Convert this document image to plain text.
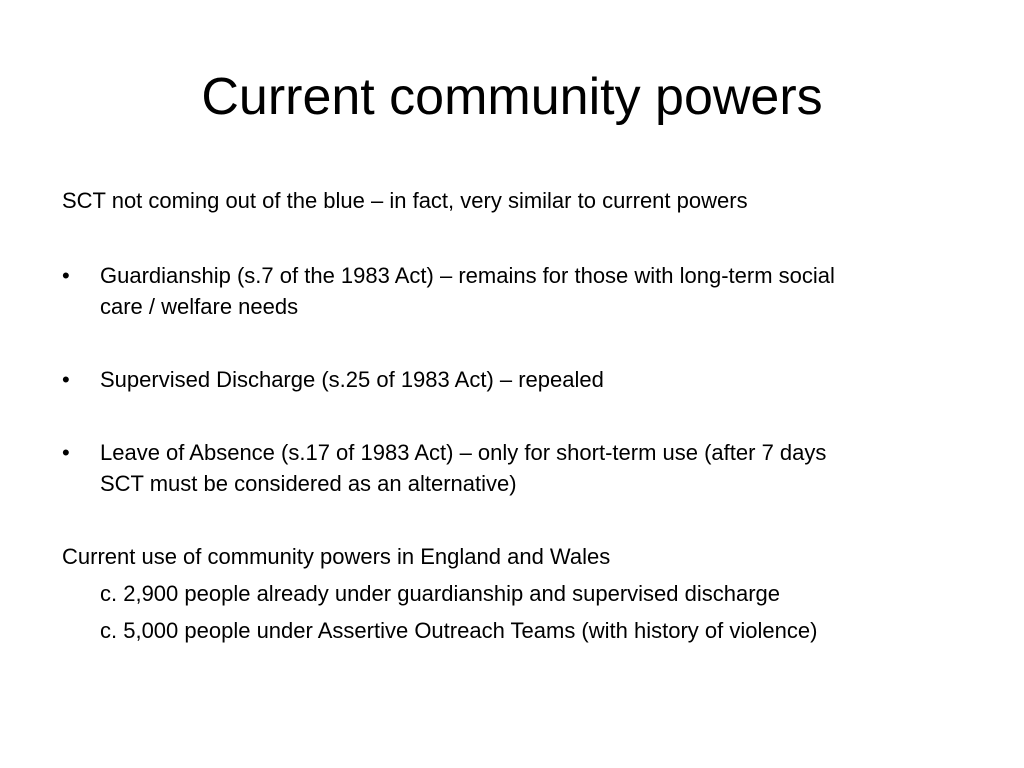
Current community powers

SCT not coming out of the blue – in fact, very similar to current powers

•	Guardianship (s.7 of the 1983 Act) – remains for those with long-term social
care / welfare needs
•	Supervised Discharge (s.25 of 1983 Act) – repealed
•	Leave of Absence (s.17 of 1983 Act) – only for short-term use (after 7 days
SCT must be considered as an alternative)

Current use of community powers in England and Wales

c. 2,900 people already under guardianship and supervised discharge
c. 5,000 people under Assertive Outreach Teams (with history of violence)
